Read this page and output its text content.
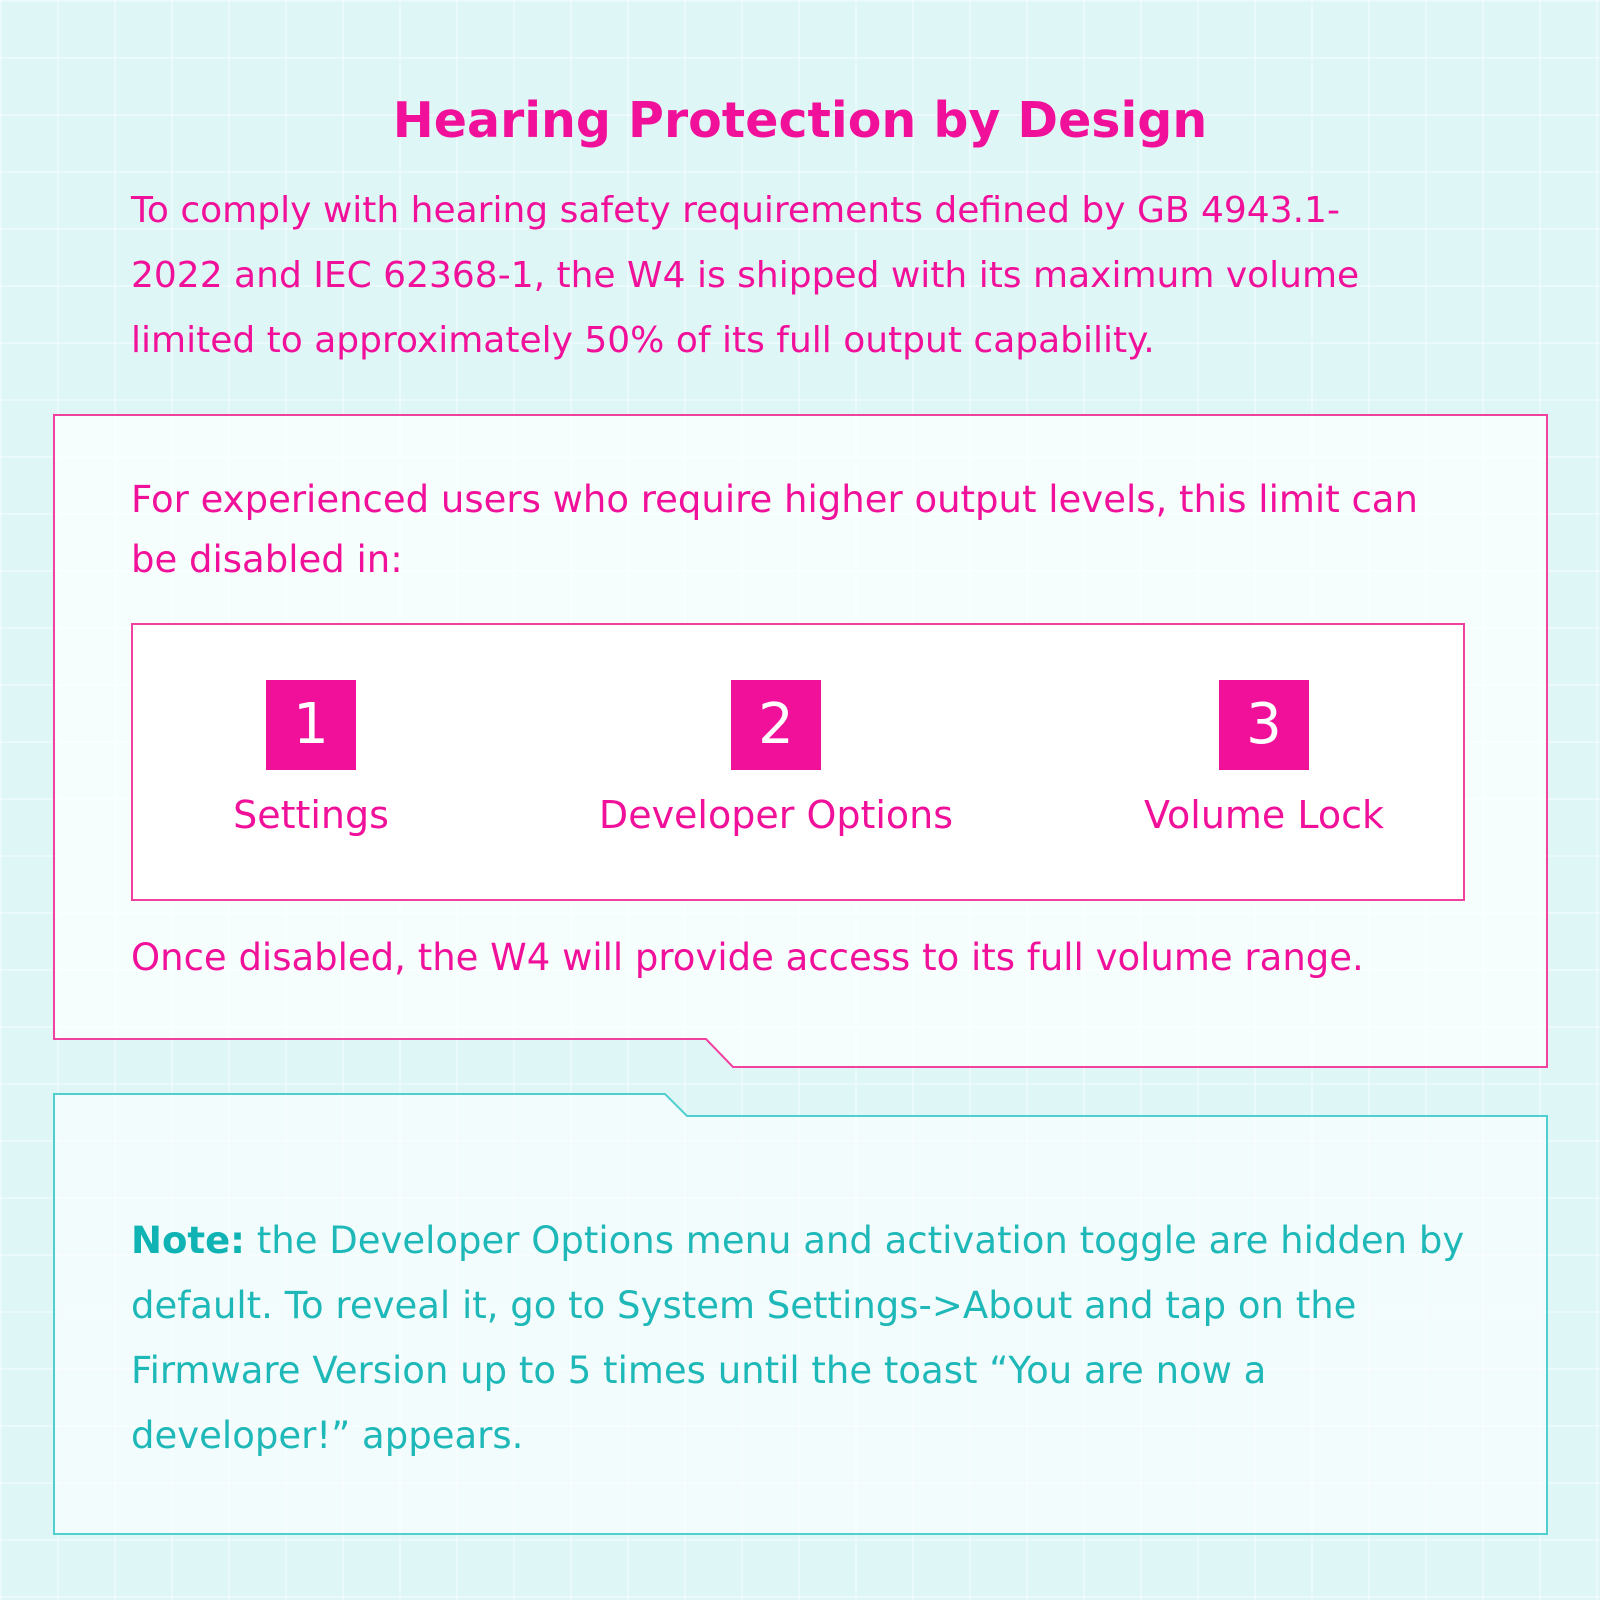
Hearing Protection by Design

To comply with hearing safety requirements defined by GB 4943.1-2022 and IEC 62368-1, the W4 is shipped with its maximum volume limited to approximately 50% of its full output capability.

For experienced users who require higher output levels, this limit can be disabled in:

1
Settings
2
Developer Options
3
Volume Lock

Once disabled, the W4 will provide access to its full volume range.

Note: the Developer Options menu and activation toggle are hidden by default. To reveal it, go to System Settings->About and tap on the Firmware Version up to 5 times until the toast “You are now a developer!” appears.
